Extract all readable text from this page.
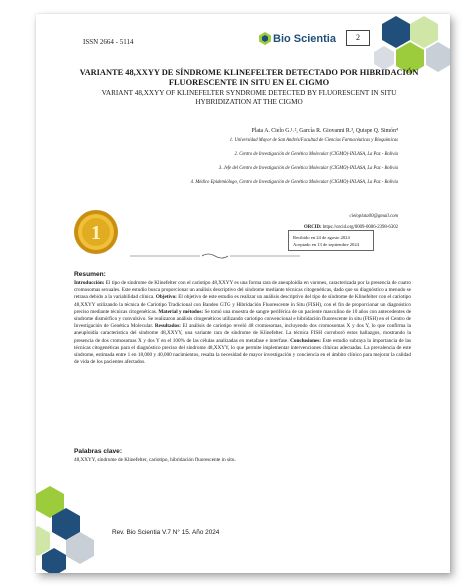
ISSN 2664 - 5114	Bio Scientia	2
VARIANTE 48,XXYY DE SÍNDROME KLINEFELTER DETECTADO POR HIBRIDACIÓN FLUORESCENTE IN SITU EN EL CIGMO
VARIANT 48,XXYY OF KLINEFELTER SYNDROME DETECTED BY FLUORESCENT IN SITU HYBRIDIZATION AT THE CIGMO
Plata A. Cielo G.¹˒², García R. Giovanni R.³, Quispe Q. Simón⁴
1. Universidad Mayor de San Andrés/Facultad de Ciencias Farmacéuticas y Bioquímicas
2. Centro de Investigación de Genética Molecular (CIGMO)-INLASA, La Paz - Bolivia
3. Jefe del Centro de Investigación de Genética Molecular (CIGMO)-INLASA, La Paz - Bolivia
4. Médico Epidemiólogo, Centro de Investigación de Genética Molecular (CIGMO)-INLASA, La Paz - Bolivia
cieloplata00@gmail.com
ORCID: https://orcid.org/0009-0006-2398-6302
Recibido en 24 de agosto 2024
Aceptado en 13 de septiembre 2024
1
Resumen:
Introducción: El tipo de síndrome de Klinefelter con el cariotipo 48,XXYY es una forma rara de aneuploidía en varones, caracterizada por la presencia de cuatro cromosomas sexuales. Este estudio busca proporcionar un análisis descriptivo del síndrome mediante técnicas citogenéticas, dado que su diagnóstico a menudo se retrasa debido a la variabilidad clínica. Objetivo: El objetivo de este estudio es realizar un análisis descriptivo del tipo de síndrome de Klinefelter con el cariotipo 48,XXYY utilizando la técnica de Cariotipo Tradicional con Bandeo GTG y Hibridación Fluorescente in Situ (FISH), con el fin de proporcionar un diagnóstico preciso mediante técnicas citogenéticas. Material y métodos: Se tomó una muestra de sangre periférica de un paciente masculino de 10 años con antecedentes de síndrome dismórfico y convulsivo. Se realizaron análisis citogenéticos utilizando cariotipo convencional e hibridación fluorescente in situ (FISH) en el Centro de Investigación de Genética Molecular. Resultados: El análisis de cariotipo reveló 48 cromosomas, incluyendo dos cromosomas X y dos Y, lo que confirma la aneuploidía característica del síndrome 48,XXYY, una variante rara de síndrome de Klinefelter. La técnica FISH corroboró estos hallazgos, mostrando la presencia de dos cromosomas X y dos Y en el 100% de las células analizadas en metafase e interfase. Conclusiones: Este estudio subraya la importancia de las técnicas citogenéticas para el diagnóstico preciso del síndrome 48,XXYY, lo que permite implementar intervenciones clínicas adecuadas. La prevalencia de este síndrome, estimada entre 1 en 18,000 y 40,000 nacimientos, resalta la necesidad de mayor investigación y conciencia en el ámbito clínico para mejorar la calidad de vida de los pacientes afectados.
Palabras clave:
48,XXYY, síndrome de Klinefelter, cariotipo, hibridación fluorescente in situ.
Rev. Bio Scientia V.7 N° 15. Año 2024
